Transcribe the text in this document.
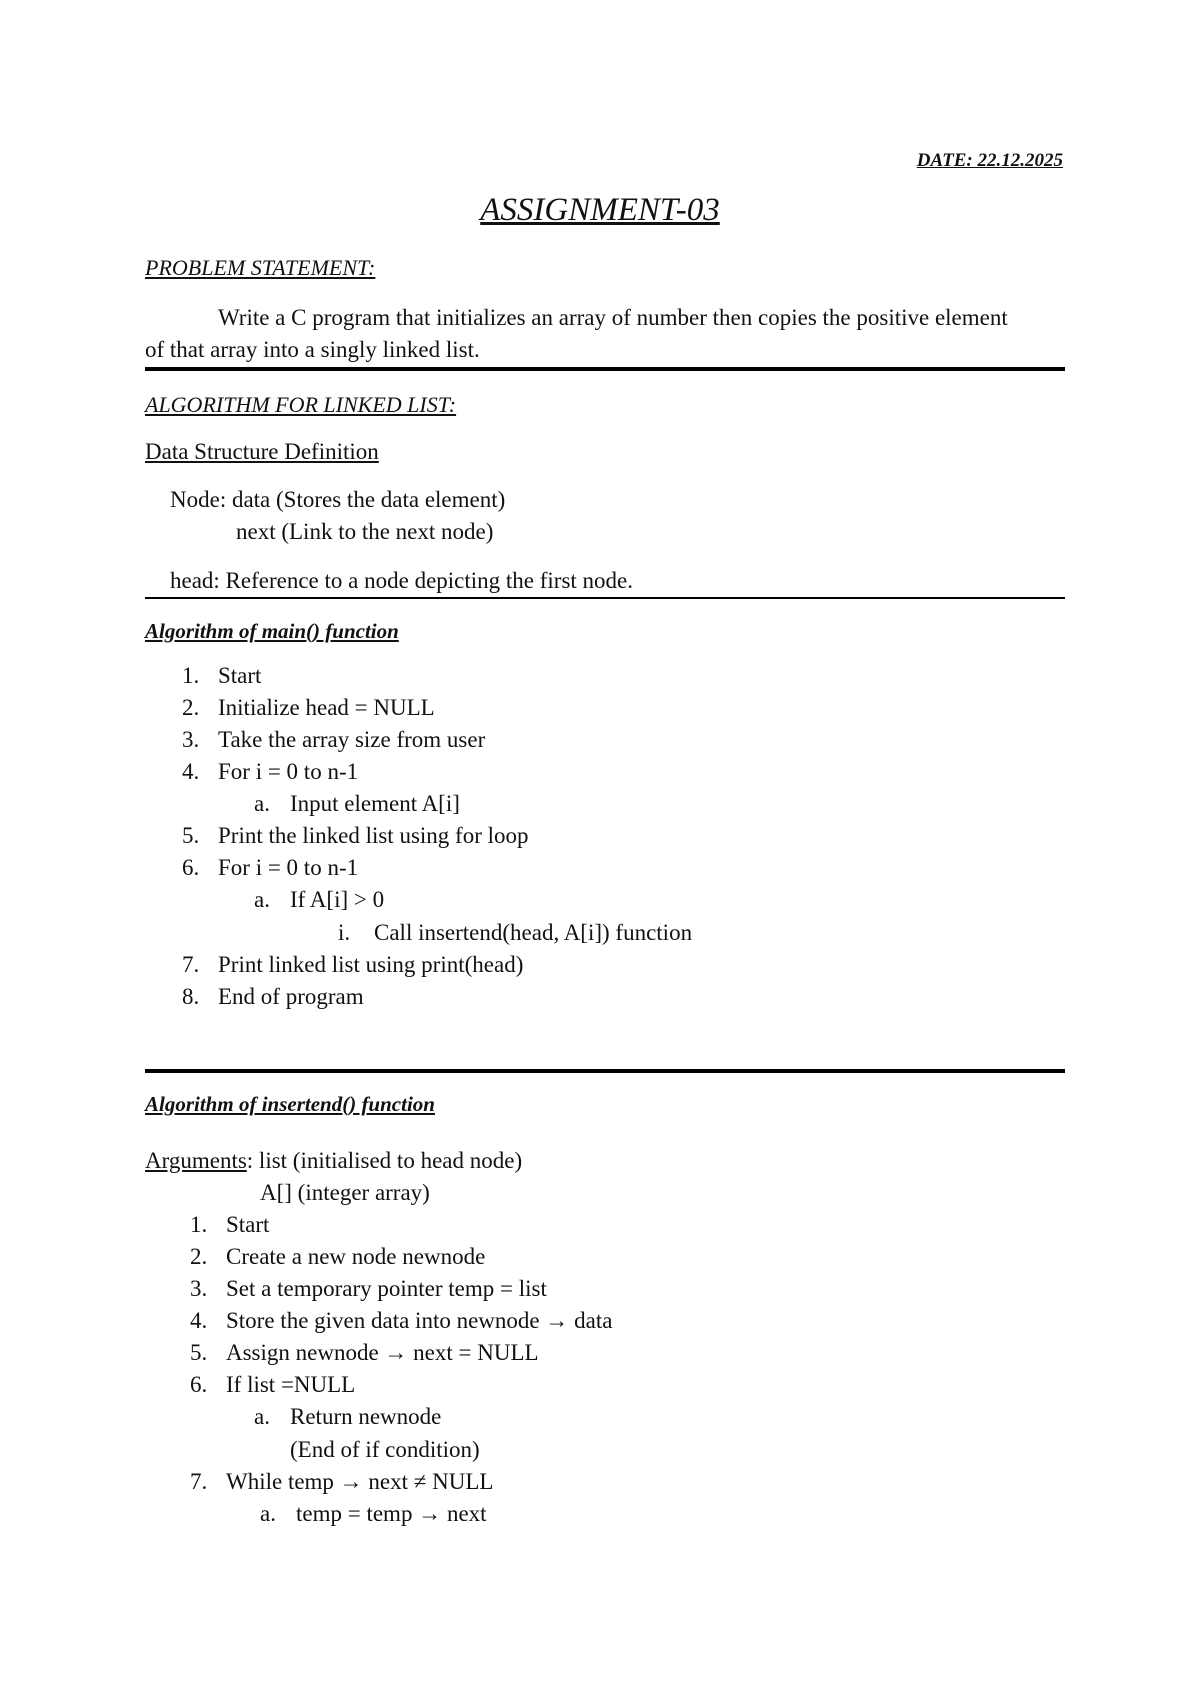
DATE: 22.12.2025
ASSIGNMENT-03
PROBLEM STATEMENT:
Write a C program that initializes an array of number then copies the positive element
of that array into a singly linked list.
ALGORITHM FOR LINKED LIST:
Data Structure Definition
Node: data (Stores the data element)
next (Link to the next node)
head: Reference to a node depicting the first node.
Algorithm of main() function
1. Start
2. Initialize head = NULL
3. Take the array size from user
4. For i = 0 to n-1
a. Input element A[i]
5. Print the linked list using for loop
6. For i = 0 to n-1
a. If A[i] > 0
i. Call insertend(head, A[i]) function
7. Print linked list using print(head)
8. End of program
Algorithm of insertend() function
Arguments: list (initialised to head node)
A[] (integer array)
1. Start
2. Create a new node newnode
3. Set a temporary pointer temp = list
4. Store the given data into newnode → data
5. Assign newnode → next = NULL
6. If list =NULL
a. Return newnode
(End of if condition)
7. While temp → next ≠ NULL
a. temp = temp → next
